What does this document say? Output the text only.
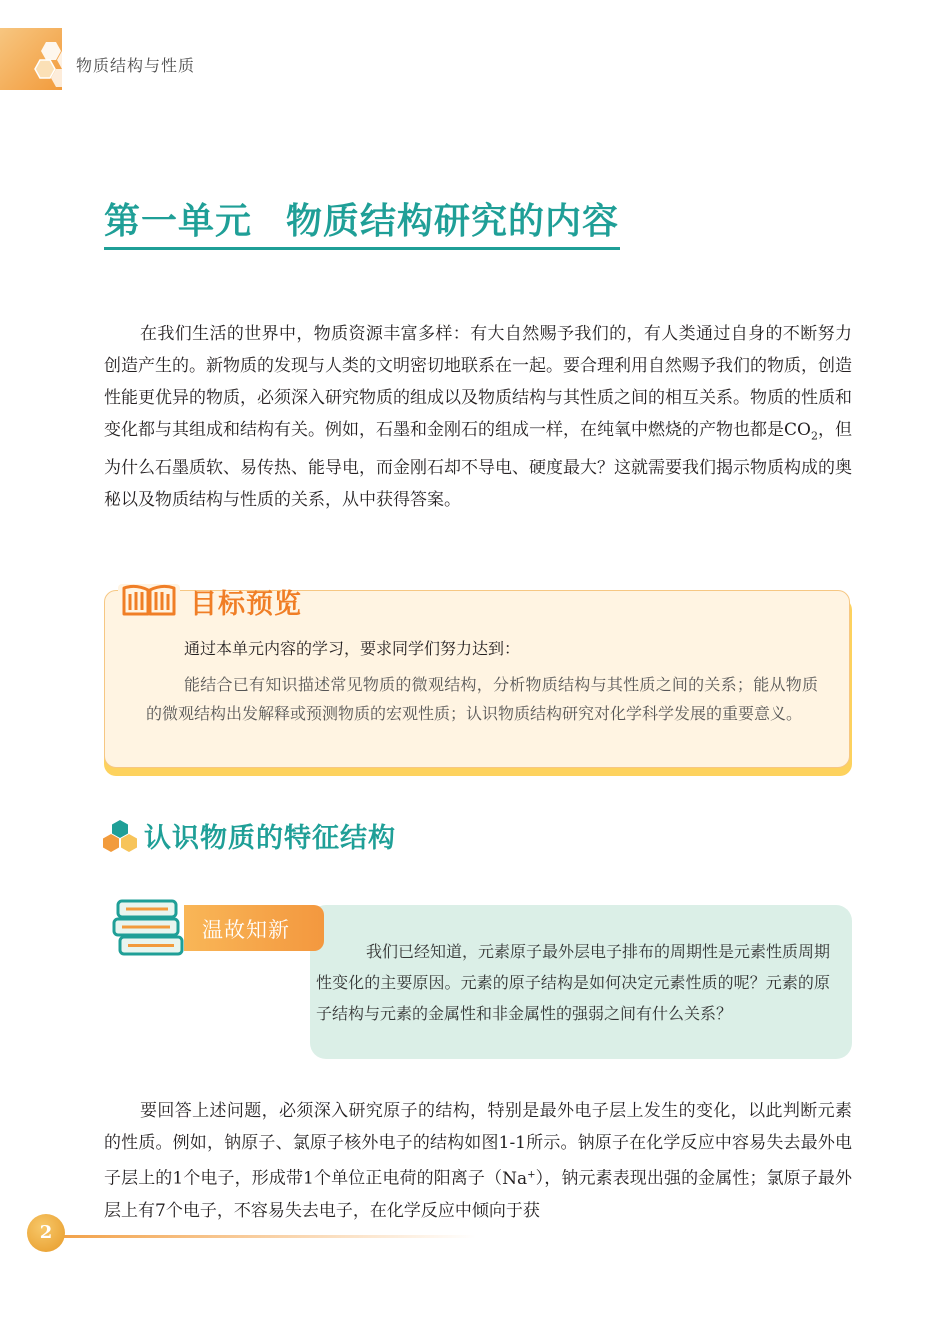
物质结构与性质
第一单元 物质结构研究的内容

在我们生活的世界中，物质资源丰富多样：有大自然赐予我们的，有人类通过自身的不断努力创造产生的。新物质的发现与人类的文明密切地联系在一起。要合理利用自然赐予我们的物质，创造性能更优异的物质，必须深入研究物质的组成以及物质结构与其性质之间的相互关系。物质的性质和变化都与其组成和结构有关。例如，石墨和金刚石的组成一样，在纯氧中燃烧的产物也都是$CO_2$，但为什么石墨质软、易传热、能导电，而金刚石却不导电、硬度最大？这就需要我们揭示物质构成的奥秘以及物质结构与性质的关系，从中获得答案。

目标预览
通过本单元内容的学习，要求同学们努力达到：

能结合已有知识描述常见物质的微观结构，分析物质结构与其性质之间的关系；能从物质的微观结构出发解释或预测物质的宏观性质；认识物质结构研究对化学科学发展的重要意义。

认识物质的特征结构
温故知新

我们已经知道，元素原子最外层电子排布的周期性是元素性质周期性变化的主要原因。元素的原子结构是如何决定元素性质的呢？元素的原子结构与元素的金属性和非金属性的强弱之间有什么关系？

要回答上述问题，必须深入研究原子的结构，特别是最外电子层上发生的变化，以此判断元素的性质。例如，钠原子、氯原子核外电子的结构如图1-1所示。钠原子在化学反应中容易失去最外电子层上的1个电子，形成带1个单位正电荷的阳离子（Na+），钠元素表现出强的金属性；氯原子最外层上有7个电子，不容易失去电子，在化学反应中倾向于获

2
